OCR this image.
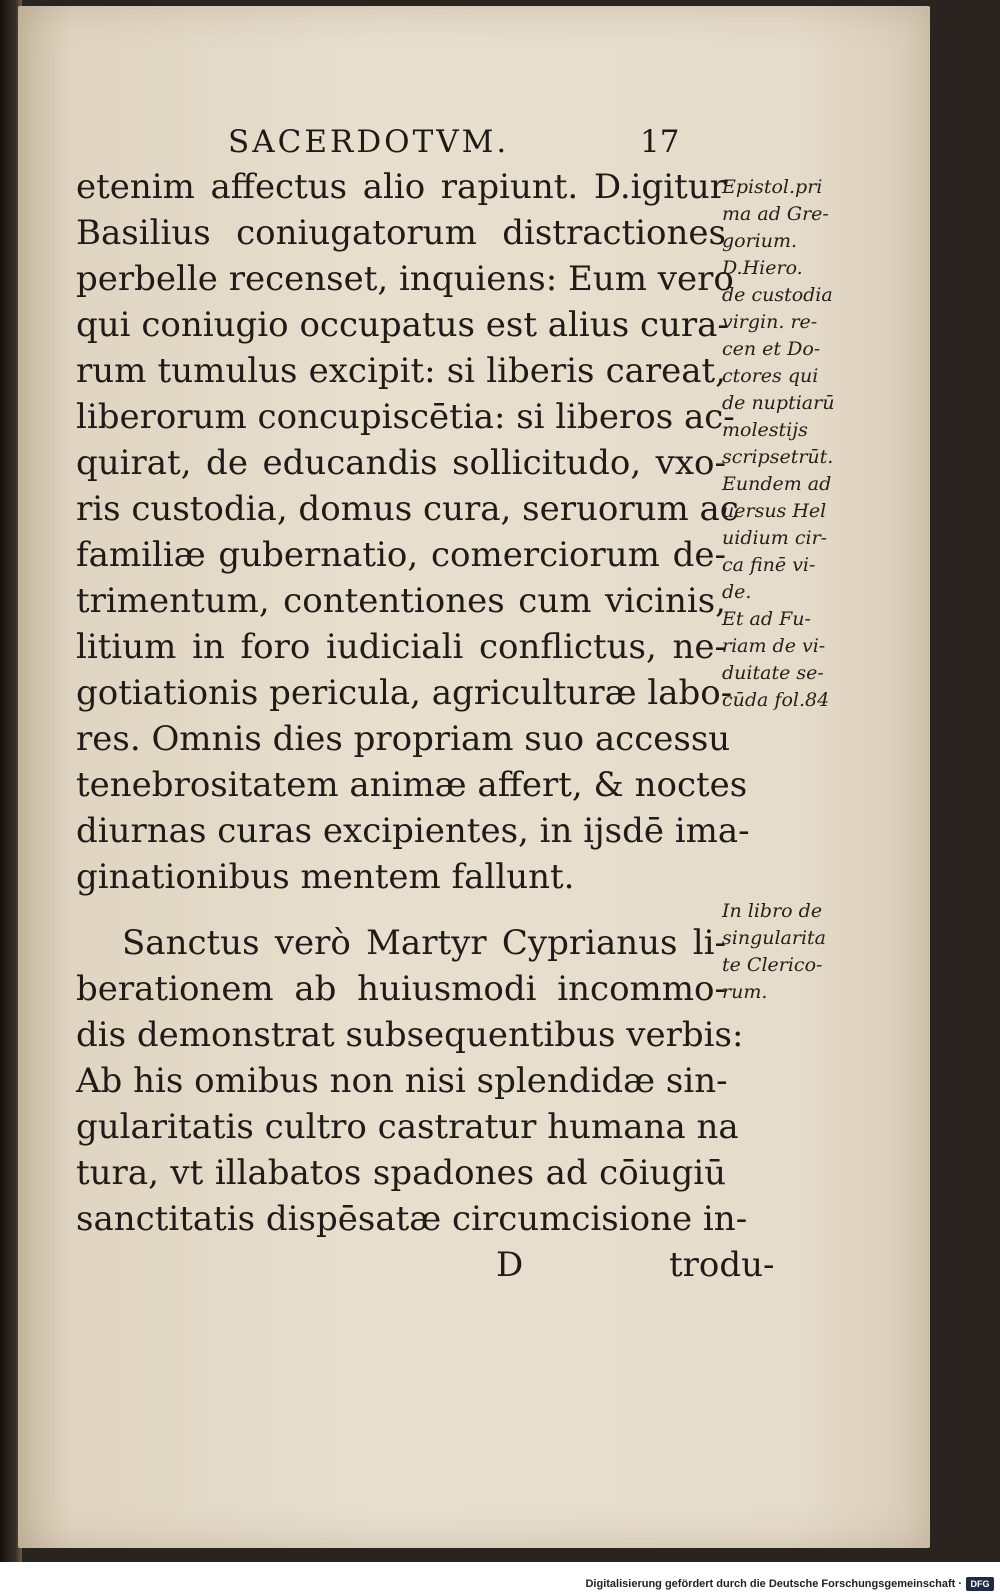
SACERDOTVM.	17
etenim affectus alio rapiunt. D.igitur
Basilius coniugatorum distractiones
perbelle recenset, inquiens: Eum vero
qui coniugio occupatus est alius cura-
rum tumulus excipit: si liberis careat,
liberorum concupiscētia: si liberos ac-
quirat, de educandis sollicitudo, vxo-
ris custodia, domus cura, seruorum ac
familiæ gubernatio, comerciorum de-
trimentum, contentiones cum vicinis,
litium in foro iudiciali conflictus, ne-
gotiationis pericula, agriculturæ labo-
res. Omnis dies propriam suo accessu
tenebrositatem animæ affert, & noctes
diurnas curas excipientes, in ijsdē ima-
ginationibus mentem fallunt.
Sanctus verò Martyr Cyprianus li-
berationem ab huiusmodi incommo-
dis demonstrat subsequentibus verbis:
Ab his omibus non nisi splendidæ sin-
gularitatis cultro castratur humana na
tura, vt illabatos spadones ad cōiugiū
sanctitatis dispēsatæ circumcisione in-
D	trodu-
Epistol.pri
ma ad Gre-
gorium.
D.Hiero.
de custodia
virgin. re-
cen et Do-
ctores qui
de nuptiarū
molestijs
scripsetrūt.
Eundem ad
uersus Hel
uidium cir-
ca finē vi-
de.
Et ad Fu-
riam de vi-
duitate se-
cūda fol.84
In libro de
singularita
te Clerico-
rum.
Digitalisierung gefördert durch die Deutsche Forschungsgemeinschaft · DFG
